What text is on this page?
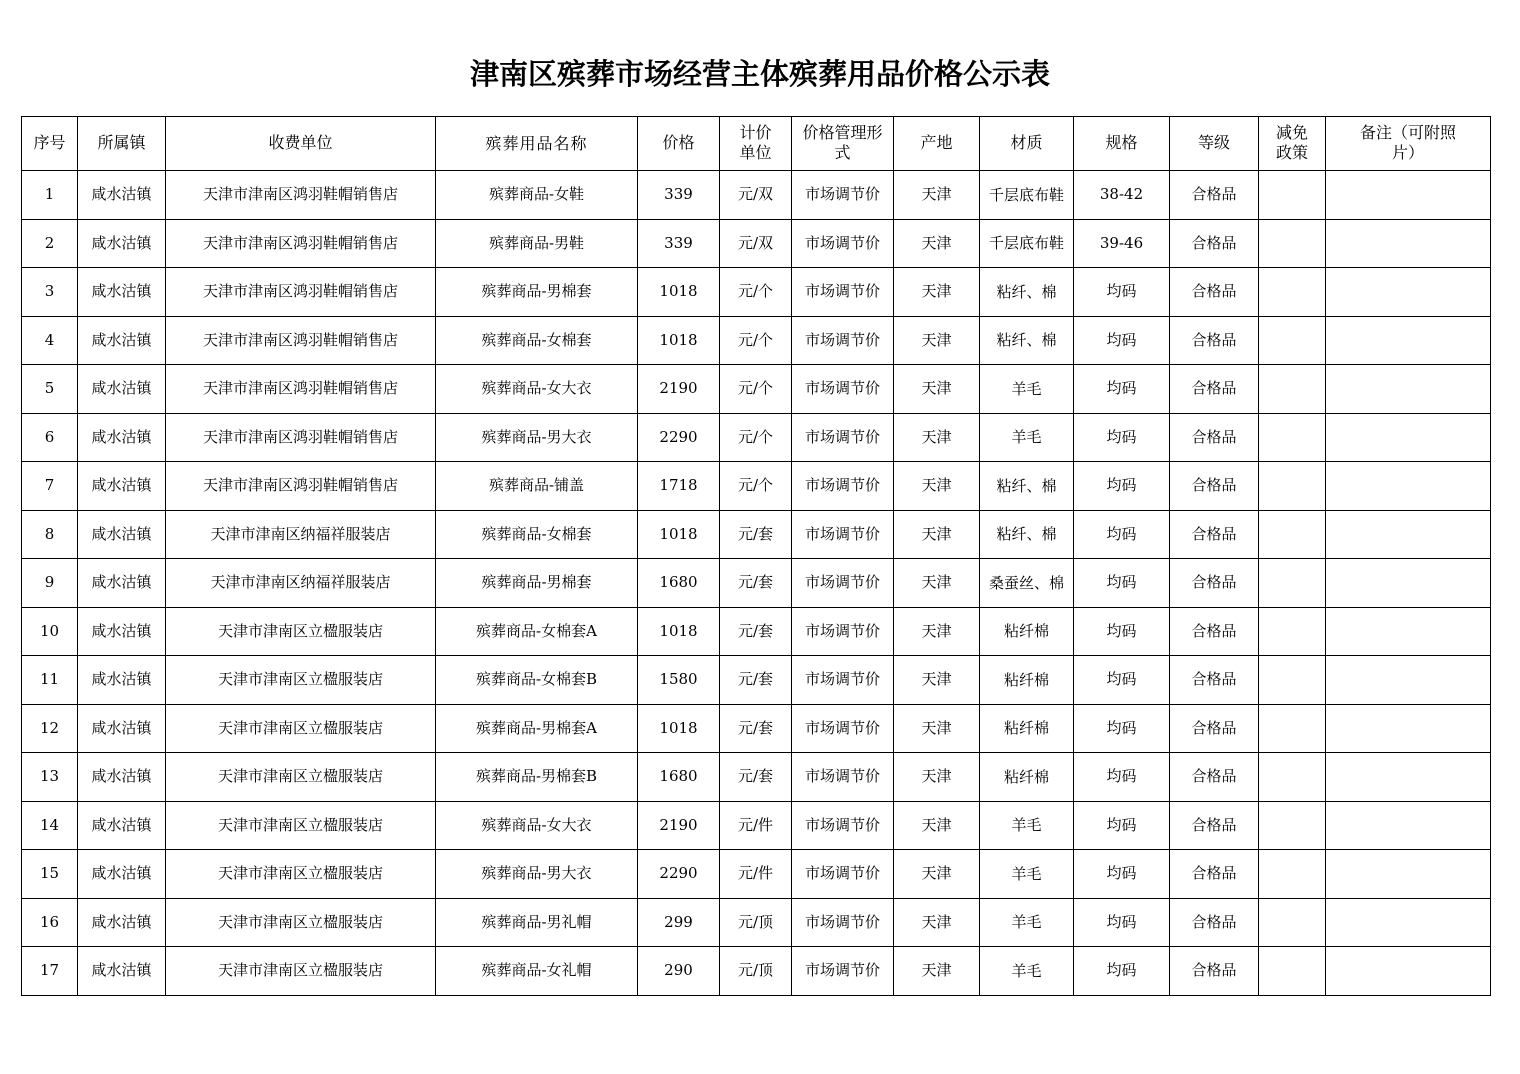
津南区殡葬市场经营主体殡葬用品价格公示表
序号	所属镇	收费单位	殡葬用品名称	价格	计价单位	价格管理形式	产地	材质	规格	等级	减免政策	备注（可附照片）
1	咸水沽镇	天津市津南区鸿羽鞋帽销售店	殡葬商品-女鞋	339	元/双	市场调节价	天津	千层底布鞋	38-42	合格品		
2	咸水沽镇	天津市津南区鸿羽鞋帽销售店	殡葬商品-男鞋	339	元/双	市场调节价	天津	千层底布鞋	39-46	合格品		
3	咸水沽镇	天津市津南区鸿羽鞋帽销售店	殡葬商品-男棉套	1018	元/个	市场调节价	天津	粘纤、棉	均码	合格品		
4	咸水沽镇	天津市津南区鸿羽鞋帽销售店	殡葬商品-女棉套	1018	元/个	市场调节价	天津	粘纤、棉	均码	合格品		
5	咸水沽镇	天津市津南区鸿羽鞋帽销售店	殡葬商品-女大衣	2190	元/个	市场调节价	天津	羊毛	均码	合格品		
6	咸水沽镇	天津市津南区鸿羽鞋帽销售店	殡葬商品-男大衣	2290	元/个	市场调节价	天津	羊毛	均码	合格品		
7	咸水沽镇	天津市津南区鸿羽鞋帽销售店	殡葬商品-铺盖	1718	元/个	市场调节价	天津	粘纤、棉	均码	合格品		
8	咸水沽镇	天津市津南区纳福祥服装店	殡葬商品-女棉套	1018	元/套	市场调节价	天津	粘纤、棉	均码	合格品		
9	咸水沽镇	天津市津南区纳福祥服装店	殡葬商品-男棉套	1680	元/套	市场调节价	天津	桑蚕丝、棉	均码	合格品		
10	咸水沽镇	天津市津南区立楹服装店	殡葬商品-女棉套A	1018	元/套	市场调节价	天津	粘纤棉	均码	合格品		
11	咸水沽镇	天津市津南区立楹服装店	殡葬商品-女棉套B	1580	元/套	市场调节价	天津	粘纤棉	均码	合格品		
12	咸水沽镇	天津市津南区立楹服装店	殡葬商品-男棉套A	1018	元/套	市场调节价	天津	粘纤棉	均码	合格品		
13	咸水沽镇	天津市津南区立楹服装店	殡葬商品-男棉套B	1680	元/套	市场调节价	天津	粘纤棉	均码	合格品		
14	咸水沽镇	天津市津南区立楹服装店	殡葬商品-女大衣	2190	元/件	市场调节价	天津	羊毛	均码	合格品		
15	咸水沽镇	天津市津南区立楹服装店	殡葬商品-男大衣	2290	元/件	市场调节价	天津	羊毛	均码	合格品		
16	咸水沽镇	天津市津南区立楹服装店	殡葬商品-男礼帽	299	元/顶	市场调节价	天津	羊毛	均码	合格品		
17	咸水沽镇	天津市津南区立楹服装店	殡葬商品-女礼帽	290	元/顶	市场调节价	天津	羊毛	均码	合格品		
